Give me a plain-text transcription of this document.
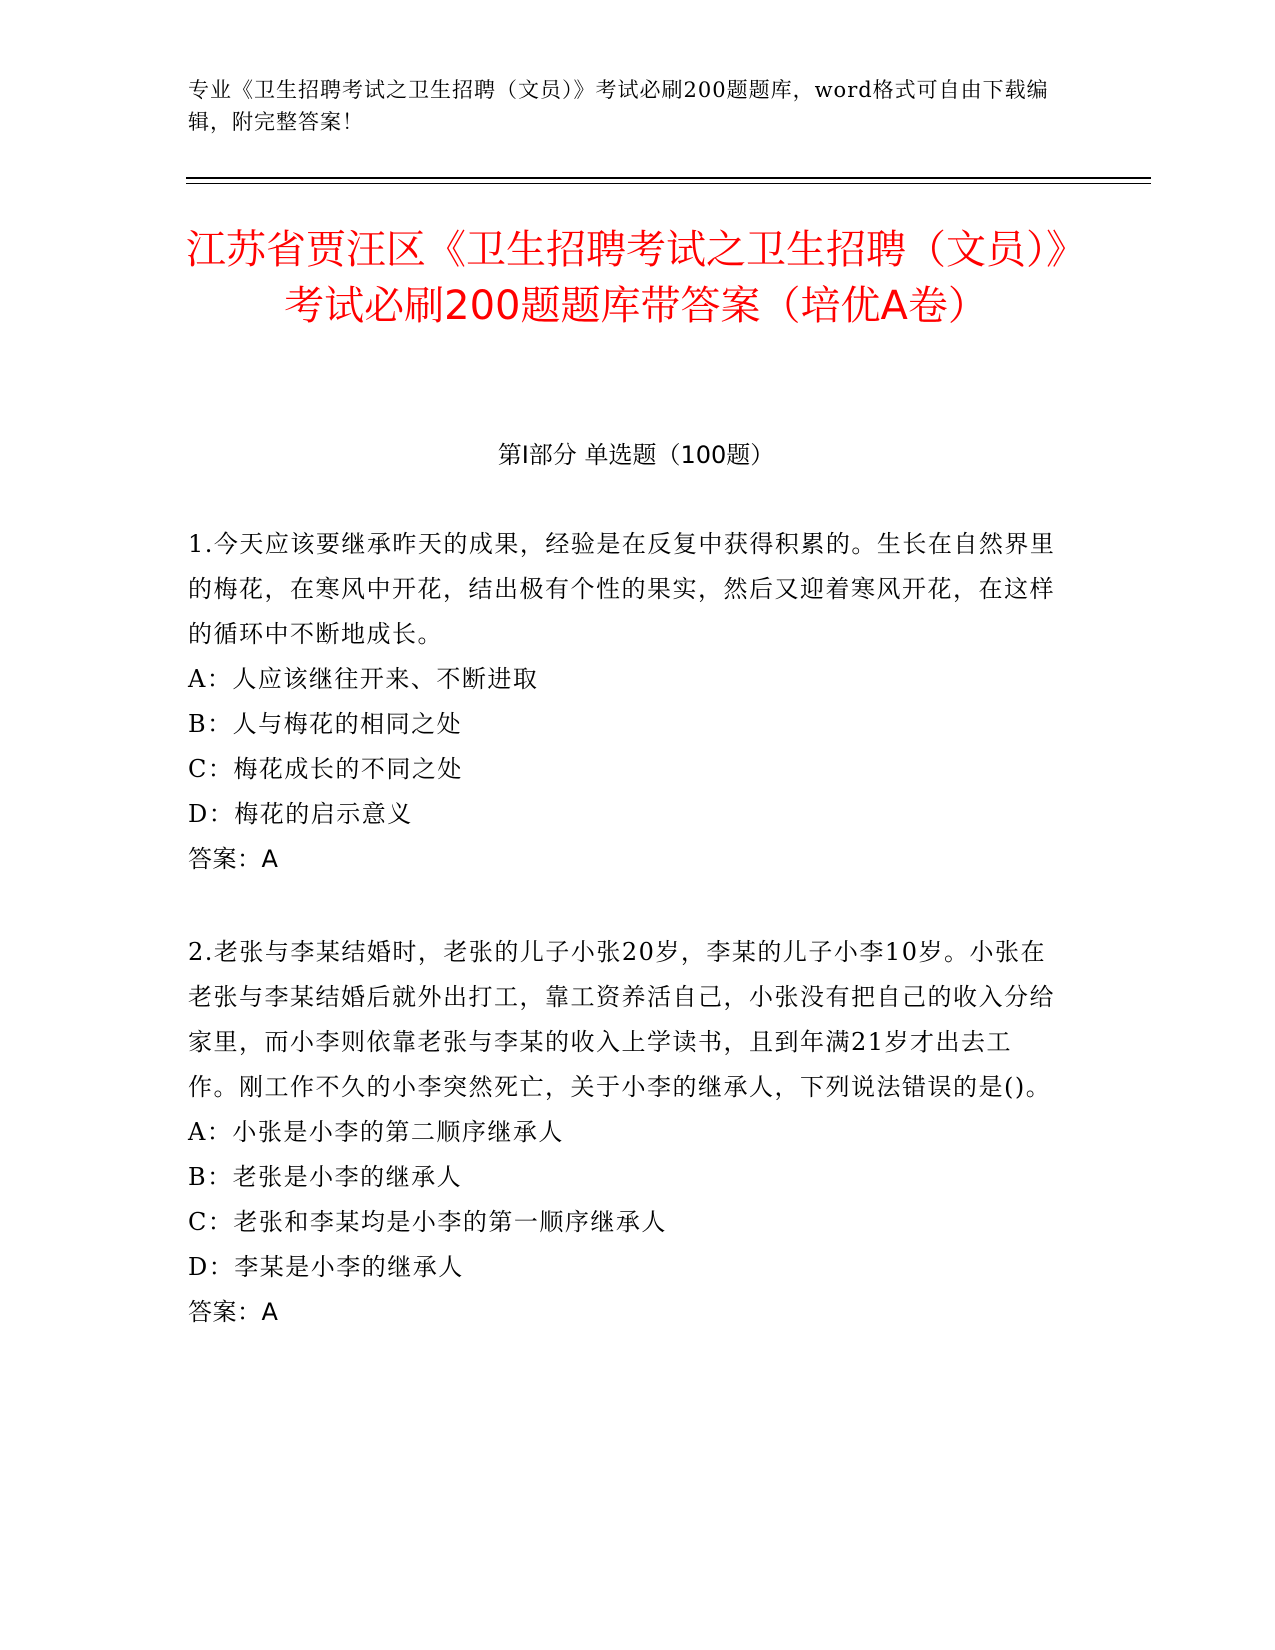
专业《卫生招聘考试之卫生招聘（文员）》考试必刷200题题库，word格式可自由下载编辑，附完整答案！
江苏省贾汪区《卫生招聘考试之卫生招聘（文员）》考试必刷200题题库带答案（培优A卷）
第I部分 单选题（100题）
1.今天应该要继承昨天的成果，经验是在反复中获得积累的。生长在自然界里的梅花，在寒风中开花，结出极有个性的果实，然后又迎着寒风开花，在这样的循环中不断地成长。
A：人应该继往开来、不断进取
B：人与梅花的相同之处
C：梅花成长的不同之处
D：梅花的启示意义
答案：A
2.老张与李某结婚时，老张的儿子小张20岁，李某的儿子小李10岁。小张在老张与李某结婚后就外出打工，靠工资养活自己，小张没有把自己的收入分给家里，而小李则依靠老张与李某的收入上学读书，且到年满21岁才出去工作。刚工作不久的小李突然死亡，关于小李的继承人，下列说法错误的是()。
A：小张是小李的第二顺序继承人
B：老张是小李的继承人
C：老张和李某均是小李的第一顺序继承人
D：李某是小李的继承人
答案：A
